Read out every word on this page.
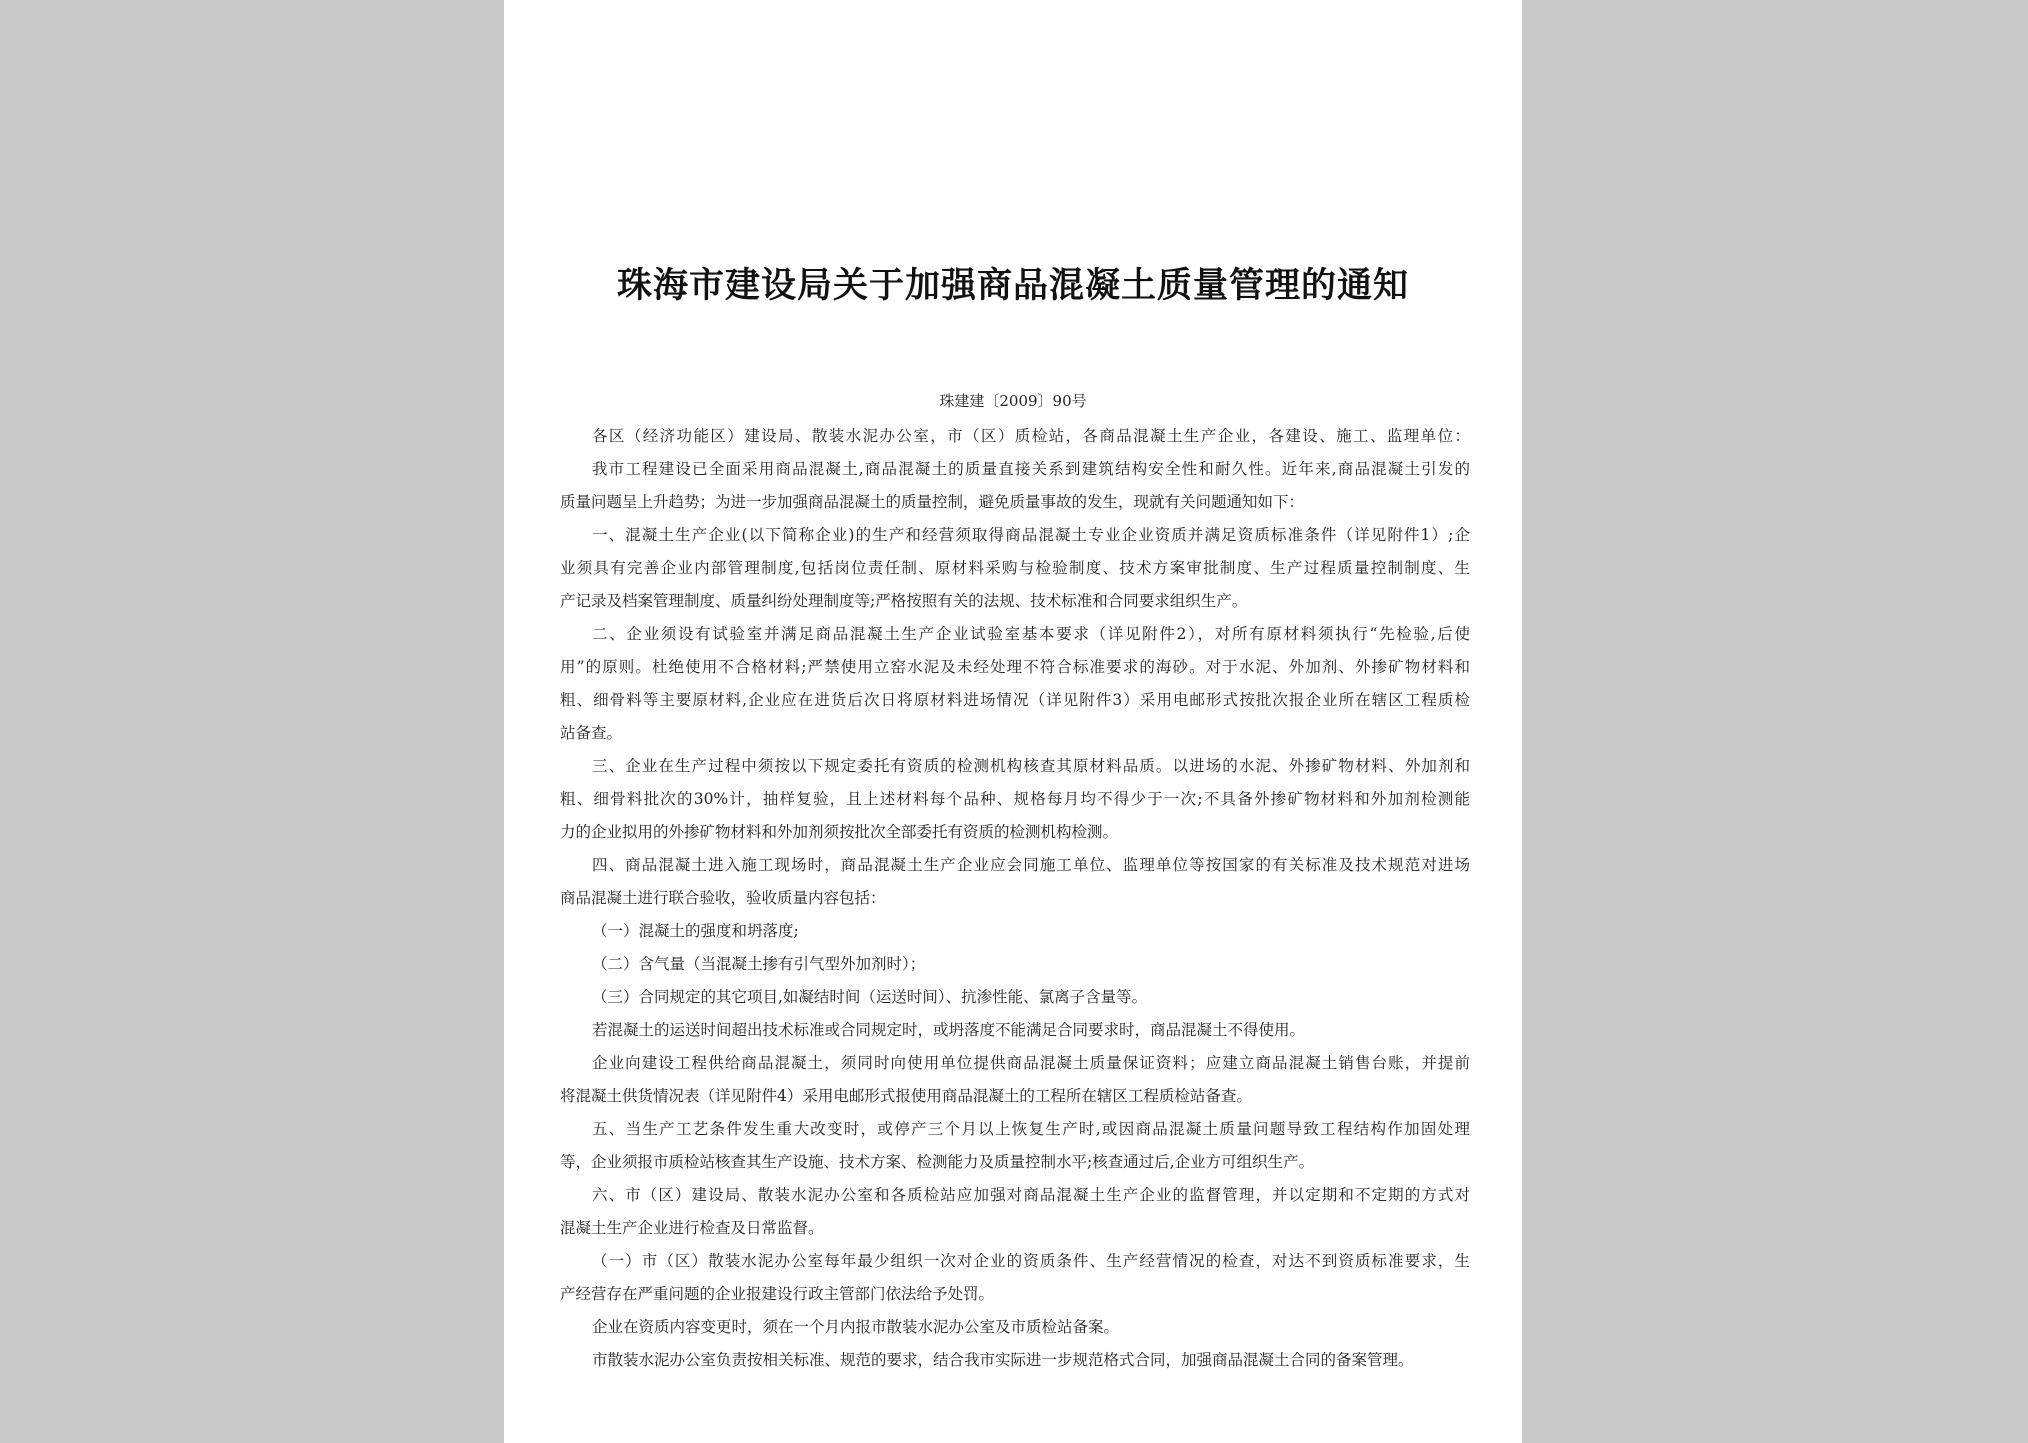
珠海市建设局关于加强商品混凝土质量管理的通知
珠建建〔2009〕90号
各区（经济功能区）建设局、散装水泥办公室，市（区）质检站，各商品混凝土生产企业，各建设、施工、监理单位：
我市工程建设已全面采用商品混凝土,商品混凝土的质量直接关系到建筑结构安全性和耐久性。近年来,商品混凝土引发的
质量问题呈上升趋势；为进一步加强商品混凝土的质量控制，避免质量事故的发生，现就有关问题通知如下：
一、混凝土生产企业(以下简称企业)的生产和经营须取得商品混凝土专业企业资质并满足资质标准条件（详见附件1）;企
业须具有完善企业内部管理制度,包括岗位责任制、原材料采购与检验制度、技术方案审批制度、生产过程质量控制制度、生
产记录及档案管理制度、质量纠纷处理制度等;严格按照有关的法规、技术标准和合同要求组织生产。
二、企业须设有试验室并满足商品混凝土生产企业试验室基本要求（详见附件2），对所有原材料须执行“先检验,后使
用”的原则。杜绝使用不合格材料;严禁使用立窑水泥及未经处理不符合标准要求的海砂。对于水泥、外加剂、外掺矿物材料和
粗、细骨料等主要原材料,企业应在进货后次日将原材料进场情况（详见附件3）采用电邮形式按批次报企业所在辖区工程质检
站备查。
三、企业在生产过程中须按以下规定委托有资质的检测机构核查其原材料品质。以进场的水泥、外掺矿物材料、外加剂和
粗、细骨料批次的30%计，抽样复验，且上述材料每个品种、规格每月均不得少于一次;不具备外掺矿物材料和外加剂检测能
力的企业拟用的外掺矿物材料和外加剂须按批次全部委托有资质的检测机构检测。
四、商品混凝土进入施工现场时，商品混凝土生产企业应会同施工单位、监理单位等按国家的有关标准及技术规范对进场
商品混凝土进行联合验收，验收质量内容包括：
（一）混凝土的强度和坍落度;
（二）含气量（当混凝土掺有引气型外加剂时）；
（三）合同规定的其它项目,如凝结时间（运送时间）、抗渗性能、氯离子含量等。
若混凝土的运送时间超出技术标准或合同规定时，或坍落度不能满足合同要求时，商品混凝土不得使用。
企业向建设工程供给商品混凝土，须同时向使用单位提供商品混凝土质量保证资料；应建立商品混凝土销售台账，并提前
将混凝土供货情况表（详见附件4）采用电邮形式报使用商品混凝土的工程所在辖区工程质检站备查。
五、当生产工艺条件发生重大改变时，或停产三个月以上恢复生产时,或因商品混凝土质量问题导致工程结构作加固处理
等，企业须报市质检站核查其生产设施、技术方案、检测能力及质量控制水平;核查通过后,企业方可组织生产。
六、市（区）建设局、散装水泥办公室和各质检站应加强对商品混凝土生产企业的监督管理，并以定期和不定期的方式对
混凝土生产企业进行检查及日常监督。
（一）市（区）散装水泥办公室每年最少组织一次对企业的资质条件、生产经营情况的检查，对达不到资质标准要求，生
产经营存在严重问题的企业报建设行政主管部门依法给予处罚。
企业在资质内容变更时，须在一个月内报市散装水泥办公室及市质检站备案。
市散装水泥办公室负责按相关标准、规范的要求，结合我市实际进一步规范格式合同，加强商品混凝土合同的备案管理。
